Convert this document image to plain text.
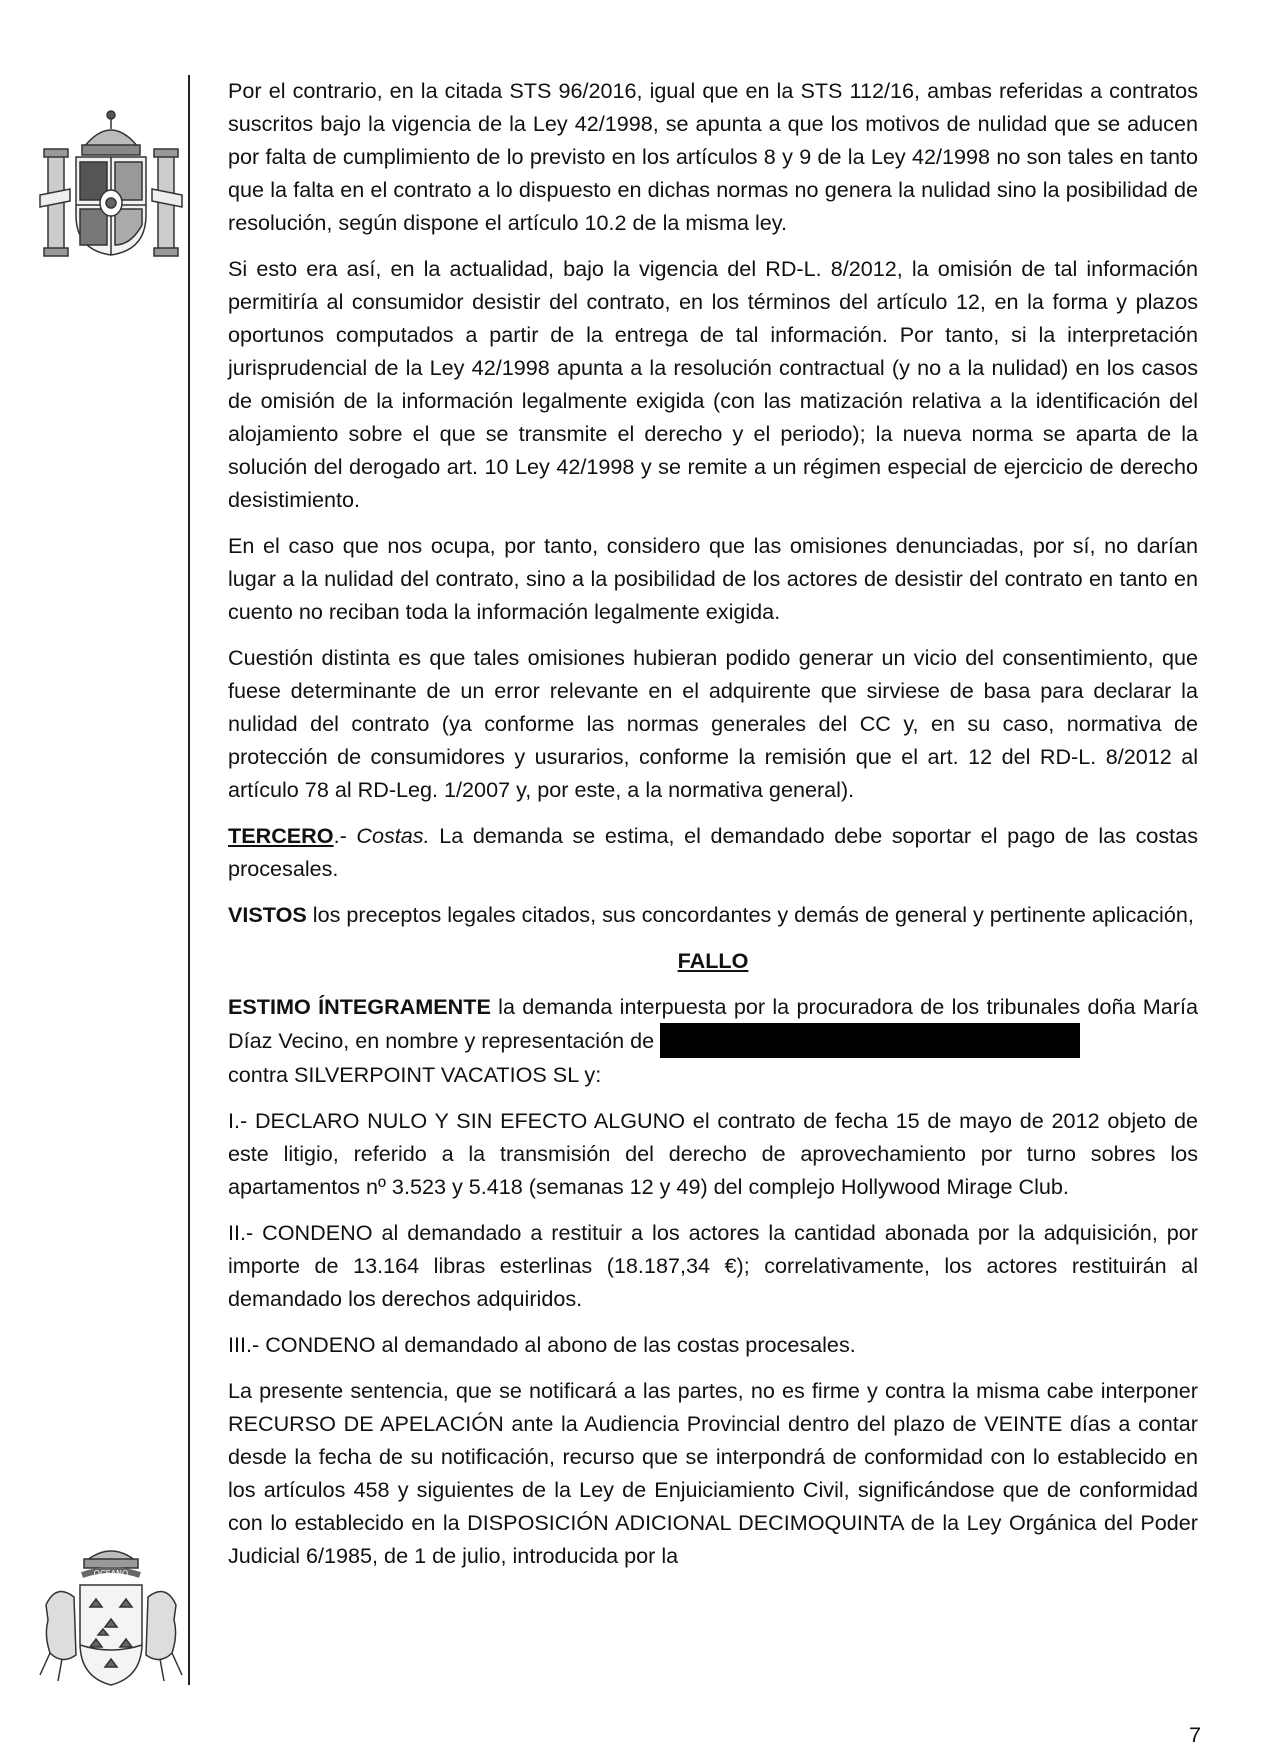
OCEANO

Por el contrario, en la citada STS 96/2016, igual que en la STS 112/16, ambas referidas a contratos suscritos bajo la vigencia de la Ley 42/1998, se apunta a que los motivos de nulidad que se aducen por falta de cumplimiento de lo previsto en los artículos 8 y 9 de la Ley 42/1998 no son tales en tanto que la falta en el contrato a lo dispuesto en dichas normas no genera la nulidad sino la posibilidad de resolución, según dispone el artículo 10.2 de la misma ley.

Si esto era así, en la actualidad, bajo la vigencia del RD-L. 8/2012, la omisión de tal información permitiría al consumidor desistir del contrato, en los términos del artículo 12, en la forma y plazos oportunos computados a partir de la entrega de tal información. Por tanto, si la interpretación jurisprudencial de la Ley 42/1998 apunta a la resolución contractual (y no a la nulidad) en los casos de omisión de la información legalmente exigida (con las matización relativa a la identificación del alojamiento sobre el que se transmite el derecho y el periodo); la nueva norma se aparta de la solución del derogado art. 10 Ley 42/1998 y se remite a un régimen especial de ejercicio de derecho desistimiento.

En el caso que nos ocupa, por tanto, considero que las omisiones denunciadas, por sí, no darían lugar a la nulidad del contrato, sino a la posibilidad de los actores de desistir del contrato en tanto en cuento no reciban toda la información legalmente exigida.

Cuestión distinta es que tales omisiones hubieran podido generar un vicio del consentimiento, que fuese determinante de un error relevante en el adquirente que sirviese de basa para declarar la nulidad del contrato (ya conforme las normas generales del CC y, en su caso, normativa de protección de consumidores y usurarios, conforme la remisión que el art. 12 del RD-L. 8/2012 al artículo 78 al RD-Leg. 1/2007 y, por este, a la normativa general).

TERCERO.- Costas. La demanda se estima, el demandado debe soportar el pago de las costas procesales.

VISTOS los preceptos legales citados, sus concordantes y demás de general y pertinente aplicación,

FALLO

ESTIMO ÍNTEGRAMENTE la demanda interpuesta por la procuradora de los tribunales doña María Díaz Vecino, en nombre y representación de
contra SILVERPOINT VACATIOS SL y:

I.- DECLARO NULO Y SIN EFECTO ALGUNO el contrato de fecha 15 de mayo de 2012 objeto de este litigio, referido a la transmisión del derecho de aprovechamiento por turno sobres los apartamentos nº 3.523 y 5.418 (semanas 12 y 49) del complejo Hollywood Mirage Club.

II.- CONDENO al demandado a restituir a los actores la cantidad abonada por la adquisición, por importe de 13.164 libras esterlinas (18.187,34 €); correlativamente, los actores restituirán al demandado los derechos adquiridos.

III.- CONDENO al demandado al abono de las costas procesales.

La presente sentencia, que se notificará a las partes, no es firme y contra la misma cabe interponer RECURSO DE APELACIÓN ante la Audiencia Provincial dentro del plazo de VEINTE días a contar desde la fecha de su notificación, recurso que se interpondrá de conformidad con lo establecido en los artículos 458 y siguientes de la Ley de Enjuiciamiento Civil, significándose que de conformidad con lo establecido en la DISPOSICIÓN ADICIONAL DECIMOQUINTA de la Ley Orgánica del Poder Judicial 6/1985, de 1 de julio, introducida por la

7
